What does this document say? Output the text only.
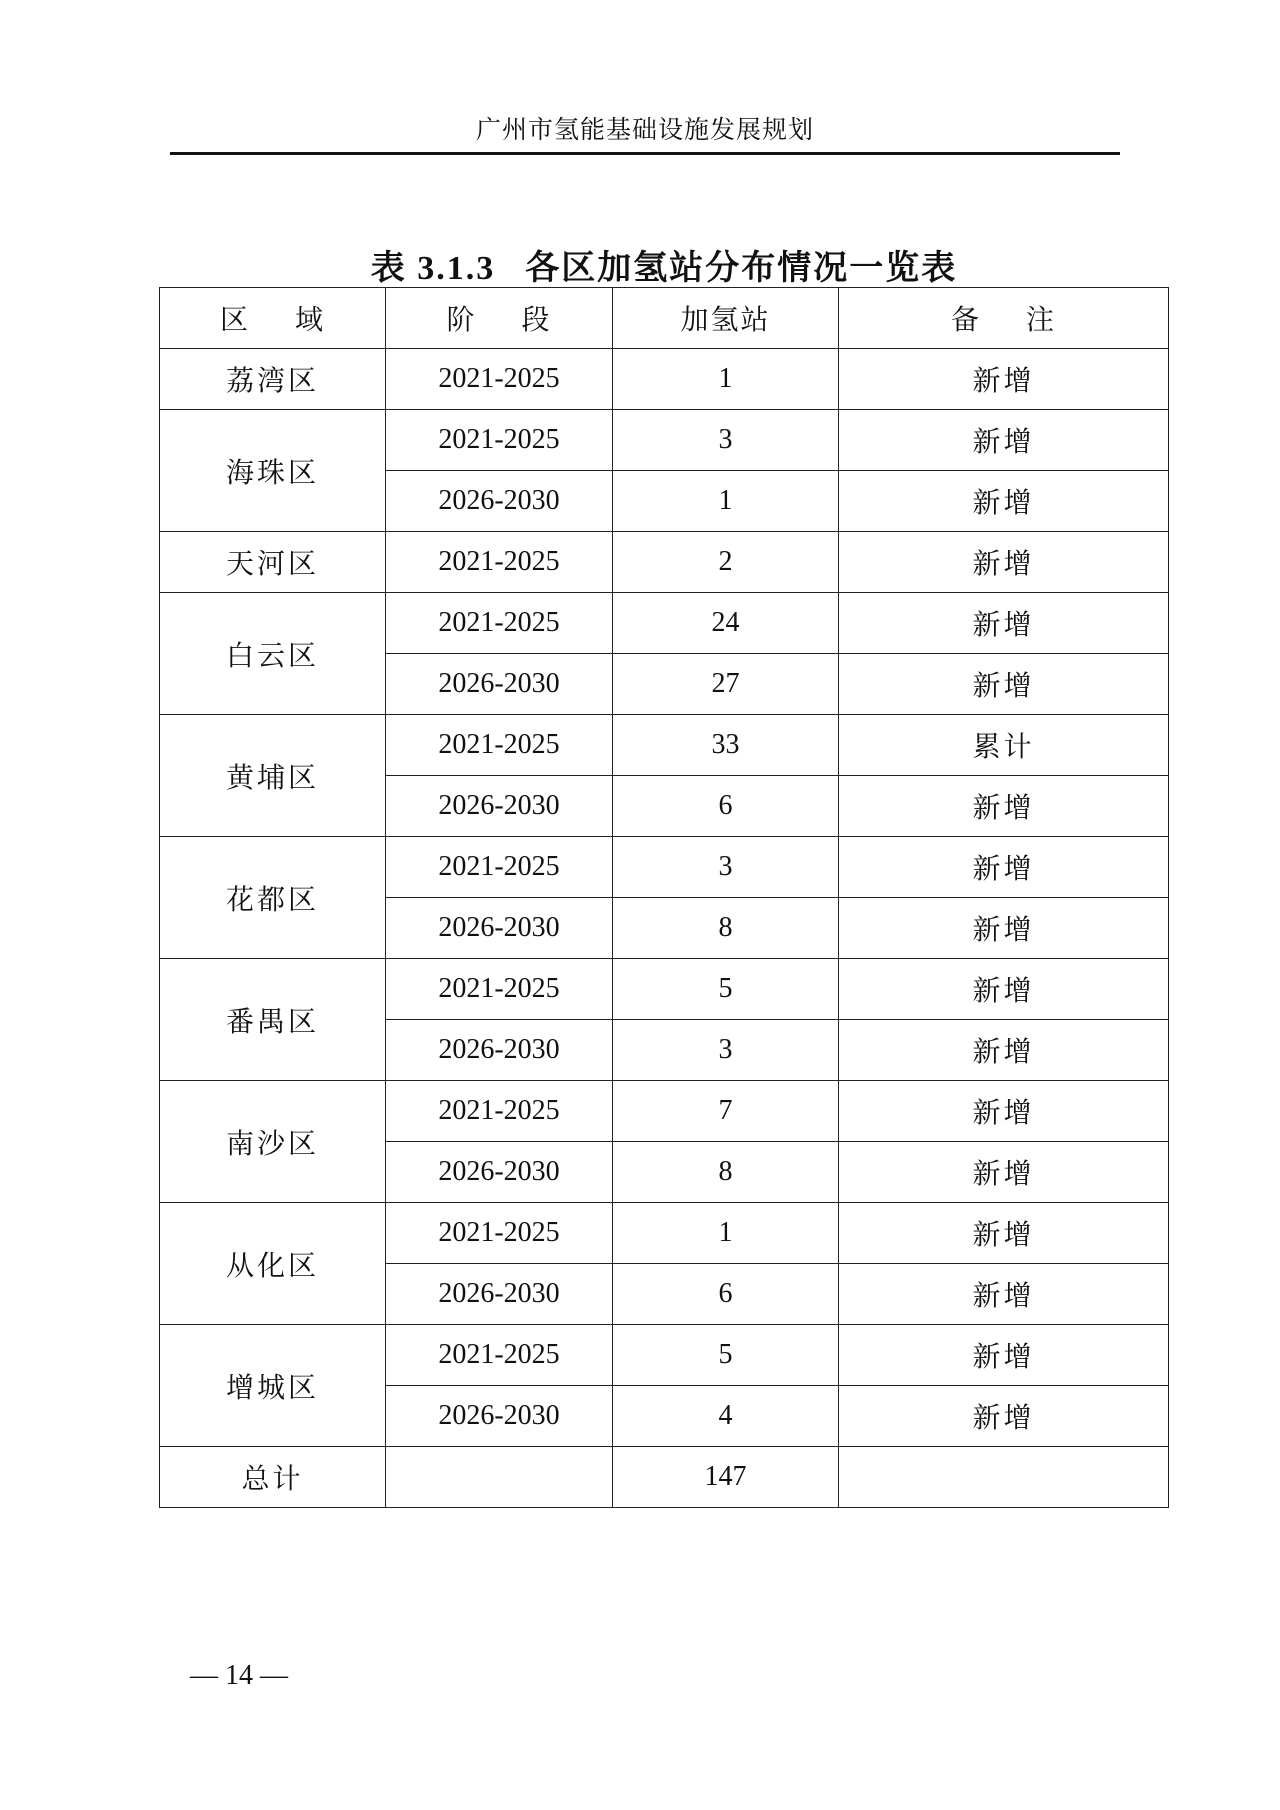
广州市氢能基础设施发展规划
表 3.1.3 各区加氢站分布情况一览表
区 域	阶 段	加氢站	备 注
荔湾区	2021-2025	1	新增
海珠区	2021-2025	3	新增
	2026-2030	1	新增
天河区	2021-2025	2	新增
白云区	2021-2025	24	新增
	2026-2030	27	新增
黄埔区	2021-2025	33	累计
	2026-2030	6	新增
花都区	2021-2025	3	新增
	2026-2030	8	新增
番禺区	2021-2025	5	新增
	2026-2030	3	新增
南沙区	2021-2025	7	新增
	2026-2030	8	新增
从化区	2021-2025	1	新增
	2026-2030	6	新增
增城区	2021-2025	5	新增
	2026-2030	4	新增
总计		147	
— 14 —
